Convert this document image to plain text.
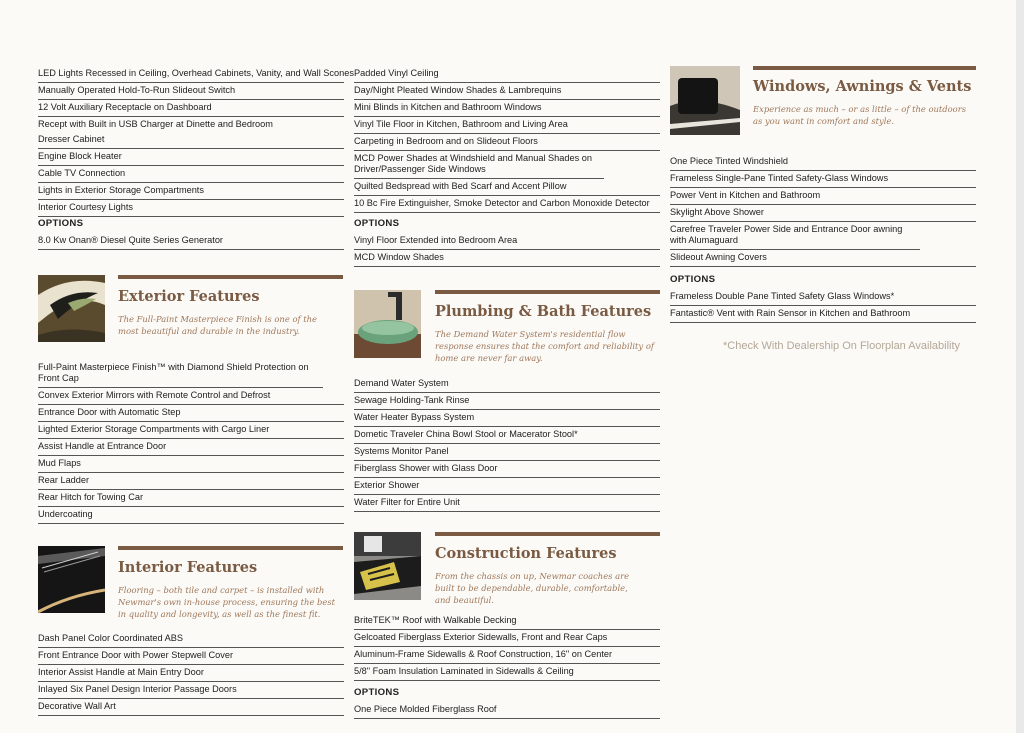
LED Lights Recessed in Ceiling, Overhead Cabinets, Vanity, and Wall Scones
Manually Operated Hold-To-Run Slideout Switch
12 Volt Auxiliary Receptacle on Dashboard
Recept with Built in USB Charger at Dinette and Bedroom
Dresser Cabinet
Engine Block Heater
Cable TV Connection
Lights in Exterior Storage Compartments
Interior Courtesy Lights
OPTIONS
8.0 Kw Onan® Diesel Quite Series Generator
Padded Vinyl Ceiling
Day/Night Pleated Window Shades & Lambrequins
Mini Blinds in Kitchen and Bathroom Windows
Vinyl Tile Floor in Kitchen, Bathroom and Living Area
Carpeting in Bedroom and on Slideout Floors
MCD Power Shades at Windshield and Manual Shades on Driver/Passenger Side Windows
Quilted Bedspread with Bed Scarf and Accent Pillow
10 Bc Fire Extinguisher, Smoke Detector and Carbon Monoxide Detector
OPTIONS
Vinyl Floor Extended into Bedroom Area
MCD Window Shades
Windows, Awnings & Vents
Experience as much – or as little – of the outdoors as you want in comfort and style.
One Piece Tinted Windshield
Frameless Single-Pane Tinted Safety-Glass Windows
Power Vent in Kitchen and Bathroom
Skylight Above Shower
Carefree Traveler Power Side and Entrance Door awning with Alumaguard
Slideout Awning Covers
OPTIONS
Frameless Double Pane Tinted Safety Glass Windows*
Fantastic® Vent with Rain Sensor in Kitchen and Bathroom
*Check With Dealership On Floorplan Availability
Exterior Features
The Full-Paint Masterpiece Finish is one of the most beautiful and durable in the industry.
Full-Paint Masterpiece Finish™ with Diamond Shield Protection on Front Cap
Convex Exterior Mirrors with Remote Control and Defrost
Entrance Door with Automatic Step
Lighted Exterior Storage Compartments with Cargo Liner
Assist Handle at Entrance Door
Mud Flaps
Rear Ladder
Rear Hitch for Towing Car
Undercoating
Plumbing & Bath Features
The Demand Water System's residential flow response ensures that the comfort and reliability of home are never far away.
Demand Water System
Sewage Holding-Tank Rinse
Water Heater Bypass System
Dometic Traveler China Bowl Stool or Macerator Stool*
Systems Monitor Panel
Fiberglass Shower with Glass Door
Exterior Shower
Water Filter for Entire Unit
Interior Features
Flooring – both tile and carpet – is installed with Newmar's own in-house process, ensuring the best in quality and longevity, as well as the finest fit.
Dash Panel Color Coordinated ABS
Front Entrance Door with Power Stepwell Cover
Interior Assist Handle at Main Entry Door
Inlayed Six Panel Design Interior Passage Doors
Decorative Wall Art
Construction Features
From the chassis on up, Newmar coaches are built to be dependable, durable, comfortable, and beautiful.
BriteTEK™ Roof with Walkable Decking
Gelcoated Fiberglass Exterior Sidewalls, Front and Rear Caps
Aluminum-Frame Sidewalls & Roof Construction, 16" on Center
5/8" Foam Insulation Laminated in Sidewalls & Ceiling
OPTIONS
One Piece Molded Fiberglass Roof
